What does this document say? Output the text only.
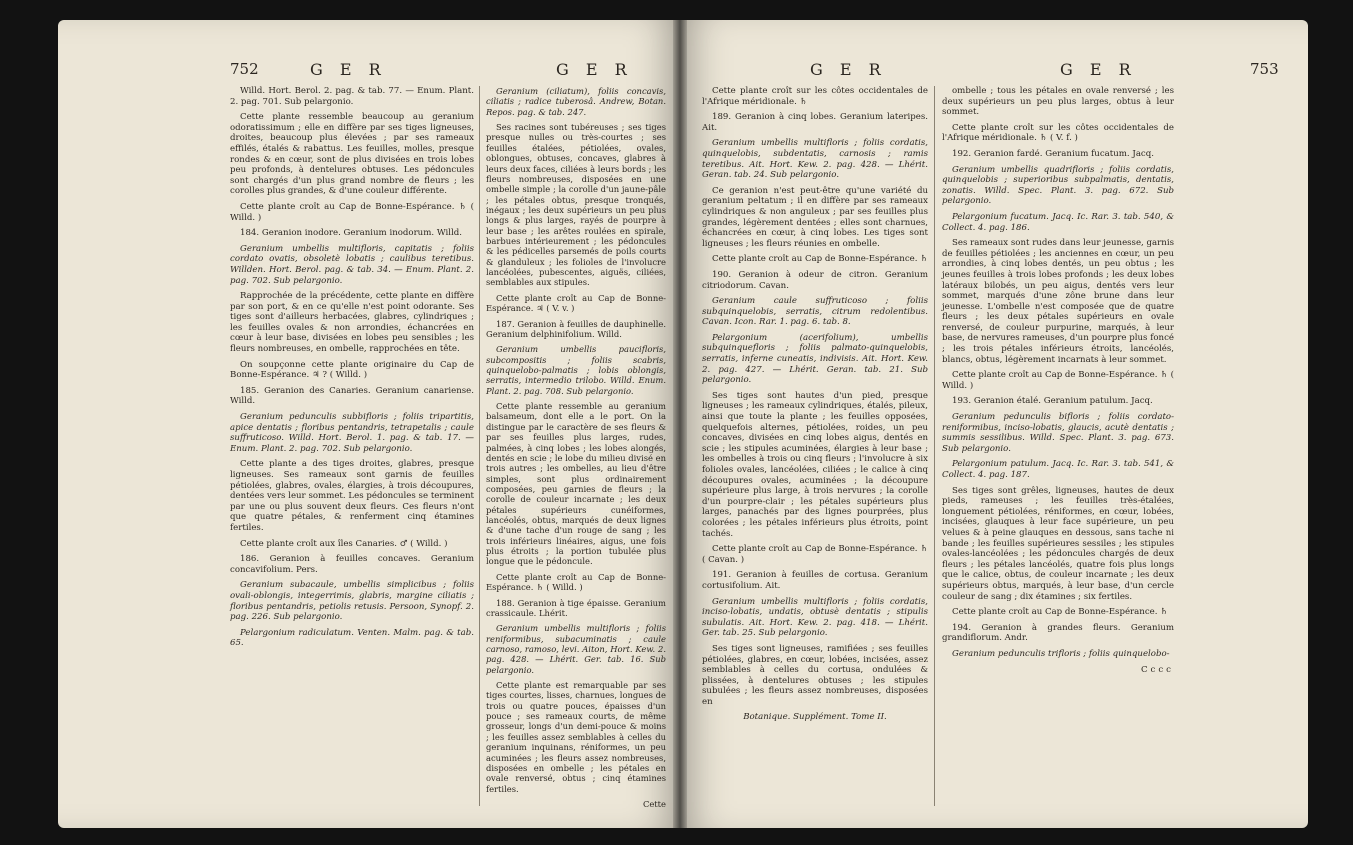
752	G E R	G E R

Willd. Hort. Berol. 2. pag. & tab. 77. — Enum. Plant. 2. pag. 701. Sub pelargonio.

Cette plante ressemble beaucoup au geranium odoratissimum ; elle en diffère par ses tiges ligneuses, droites, beaucoup plus élevées ; par ses rameaux effilés, étalés & rabattus. Les feuilles, molles, presque rondes & en cœur, sont de plus divisées en trois lobes peu profonds, à dentelures obtuses. Les pédoncules sont chargés d'un plus grand nombre de fleurs ; les corolles plus grandes, & d'une couleur différente.

Cette plante croît au Cap de Bonne-Espérance. ♄ ( Willd. )

184. Geranion inodore. Geranium inodorum. Willd.

Geranium umbellis multifloris, capitatis ; foliis cordato ovatis, obsoletè lobatis ; caulibus teretibus. Willden. Hort. Berol. pag. & tab. 34. — Enum. Plant. 2. pag. 702. Sub pelargonio.

Rapprochée de la précédente, cette plante en diffère par son port, & en ce qu'elle n'est point odorante. Ses tiges sont d'ailleurs herbacées, glabres, cylindriques ; les feuilles ovales & non arrondies, échancrées en cœur à leur base, divisées en lobes peu sensibles ; les fleurs nombreuses, en ombelle, rapprochées en tête.

On soupçonne cette plante originaire du Cap de Bonne-Espérance. ♃ ? ( Willd. )

185. Geranion des Canaries. Geranium canariense. Willd.

Geranium pedunculis subbifloris ; foliis tripartitis, apice dentatis ; floribus pentandris, tetrapetalis ; caule suffruticoso. Willd. Hort. Berol. 1. pag. & tab. 17. — Enum. Plant. 2. pag. 702. Sub pelargonio.

Cette plante a des tiges droites, glabres, presque ligneuses. Ses rameaux sont garnis de feuilles pétiolées, glabres, ovales, élargies, à trois découpures, dentées vers leur sommet. Les pédoncules se terminent par une ou plus souvent deux fleurs. Ces fleurs n'ont que quatre pétales, & renferment cinq étamines fertiles.

Cette plante croît aux îles Canaries. ♂ ( Willd. )

186. Geranion à feuilles concaves. Geranium concavifolium. Pers.

Geranium subacaule, umbellis simplicibus ; foliis ovali-oblongis, integerrimis, glabris, margine ciliatis ; floribus pentandris, petiolis retusis. Persoon, Synopf. 2. pag. 226. Sub pelargonio.

Pelargonium radiculatum. Venten. Malm. pag. & tab. 65.

Geranium (ciliatum), foliis concavis, ciliatis ; radice tuberosâ. Andrew, Botan. Repos. pag. & tab. 247.

Ses racines sont tubéreuses ; ses tiges presque nulles ou très-courtes ; ses feuilles étalées, pétiolées, ovales, oblongues, obtuses, concaves, glabres à leurs deux faces, ciliées à leurs bords ; les fleurs nombreuses, disposées en une ombelle simple ; la corolle d'un jaune-pâle ; les pétales obtus, presque tronqués, inégaux ; les deux supérieurs un peu plus longs & plus larges, rayés de pourpre à leur base ; les arêtes roulées en spirale, barbues intérieurement ; les pédoncules & les pédicelles parsemés de poils courts & glanduleux ; les folioles de l'involucre lancéolées, pubescentes, aiguës, ciliées, semblables aux stipules.

Cette plante croît au Cap de Bonne-Espérance. ♃ ( V. v. )

187. Geranion à feuilles de dauphinelle. Geranium delphinifolium. Willd.

Geranium umbellis paucifloris, subcompositis ; foliis scabris, quinquelobo-palmatis ; lobis oblongis, serratis, intermedio trilobo. Willd. Enum. Plant. 2. pag. 708. Sub pelargonio.

Cette plante ressemble au geranium balsameum, dont elle a le port. On la distingue par le caractère de ses fleurs & par ses feuilles plus larges, rudes, palmées, à cinq lobes ; les lobes alongés, dentés en scie ; le lobe du milieu divisé en trois autres ; les ombelles, au lieu d'être simples, sont plus ordinairement composées, peu garnies de fleurs ; la corolle de couleur incarnate ; les deux pétales supérieurs cunéiformes, lancéolés, obtus, marqués de deux lignes & d'une tache d'un rouge de sang ; les trois inférieurs linéaires, aigus, une fois plus étroits ; la portion tubulée plus longue que le pédoncule.

Cette plante croît au Cap de Bonne-Espérance. ♄ ( Willd. )

188. Geranion à tige épaisse. Geranium crassicaule. Lhérit.

Geranium umbellis multifloris ; foliis reniformibus, subacuminatis ; caule carnoso, ramoso, levi. Aiton, Hort. Kew. 2. pag. 428. — Lhérit. Ger. tab. 16. Sub pelargonio.

Cette plante est remarquable par ses tiges courtes, lisses, charnues, longues de trois ou quatre pouces, épaisses d'un pouce ; ses rameaux courts, de même grosseur, longs d'un demi-pouce & moins ; les feuilles assez semblables à celles du geranium inquinans, réniformes, un peu acuminées ; les fleurs assez nombreuses, disposées en ombelle ; les pétales en ovale renversé, obtus ; cinq étamines fertiles.

Cette

G E R	G E R	753

Cette plante croît sur les côtes occidentales de l'Afrique méridionale. ♄

189. Geranion à cinq lobes. Geranium lateripes. Ait.

Geranium umbellis multifloris ; foliis cordatis, quinquelobis, subdentatis, carnosis ; ramis teretibus. Ait. Hort. Kew. 2. pag. 428. — Lhérit. Geran. tab. 24. Sub pelargonio.

Ce geranion n'est peut-être qu'une variété du geranium peltatum ; il en diffère par ses rameaux cylindriques & non anguleux ; par ses feuilles plus grandes, légèrement dentées ; elles sont charnues, échancrées en cœur, à cinq lobes. Les tiges sont ligneuses ; les fleurs réunies en ombelle.

Cette plante croît au Cap de Bonne-Espérance. ♄

190. Geranion à odeur de citron. Geranium citriodorum. Cavan.

Geranium caule suffruticoso ; foliis subquinquelobis, serratis, citrum redolentibus. Cavan. Icon. Rar. 1. pag. 6. tab. 8.

Pelargonium (acerifolium), umbellis subquinquefloris ; foliis palmato-quinquelobis, serratis, inferne cuneatis, indivisis. Ait. Hort. Kew. 2. pag. 427. — Lhérit. Geran. tab. 21. Sub pelargonio.

Ses tiges sont hautes d'un pied, presque ligneuses ; les rameaux cylindriques, étalés, pileux, ainsi que toute la plante ; les feuilles opposées, quelquefois alternes, pétiolées, roides, un peu concaves, divisées en cinq lobes aigus, dentés en scie ; les stipules acuminées, élargies à leur base ; les ombelles à trois ou cinq fleurs ; l'involucre à six folioles ovales, lancéolées, ciliées ; le calice à cinq découpures ovales, acuminées ; la découpure supérieure plus large, à trois nervures ; la corolle d'un pourpre-clair ; les pétales supérieurs plus larges, panachés par des lignes pourprées, plus colorées ; les pétales inférieurs plus étroits, point tachés.

Cette plante croît au Cap de Bonne-Espérance. ♄ ( Cavan. )

191. Geranion à feuilles de cortusa. Geranium cortusifolium. Ait.

Geranium umbellis multifloris ; foliis cordatis, inciso-lobatis, undatis, obtusè dentatis ; stipulis subulatis. Ait. Hort. Kew. 2. pag. 418. — Lhérit. Ger. tab. 25. Sub pelargonio.

Ses tiges sont ligneuses, ramifiées ; ses feuilles pétiolées, glabres, en cœur, lobées, incisées, assez semblables à celles du cortusa, ondulées & plissées, à dentelures obtuses ; les stipules subulées ; les fleurs assez nombreuses, disposées en

Botanique. Supplément. Tome II.

ombelle ; tous les pétales en ovale renversé ; les deux supérieurs un peu plus larges, obtus à leur sommet.

Cette plante croît sur les côtes occidentales de l'Afrique méridionale. ♄ ( V. f. )

192. Geranion fardé. Geranium fucatum. Jacq.

Geranium umbellis quadrifloris ; foliis cordatis, quinquelobis ; superioribus subpalmatis, dentatis, zonatis. Willd. Spec. Plant. 3. pag. 672. Sub pelargonio.

Pelargonium fucatum. Jacq. Ic. Rar. 3. tab. 540, & Collect. 4. pag. 186.

Ses rameaux sont rudes dans leur jeunesse, garnis de feuilles pétiolées ; les anciennes en cœur, un peu arrondies, à cinq lobes dentés, un peu obtus ; les jeunes feuilles à trois lobes profonds ; les deux lobes latéraux bilobés, un peu aigus, dentés vers leur sommet, marqués d'une zône brune dans leur jeunesse. L'ombelle n'est composée que de quatre fleurs ; les deux pétales supérieurs en ovale renversé, de couleur purpurine, marqués, à leur base, de nervures rameuses, d'un pourpre plus foncé ; les trois pétales inférieurs étroits, lancéolés, blancs, obtus, légèrement incarnats à leur sommet.

Cette plante croît au Cap de Bonne-Espérance. ♄ ( Willd. )

193. Geranion étalé. Geranium patulum. Jacq.

Geranium pedunculis bifloris ; foliis cordato-reniformibus, inciso-lobatis, glaucis, acutè dentatis ; summis sessilibus. Willd. Spec. Plant. 3. pag. 673. Sub pelargonio.

Pelargonium patulum. Jacq. Ic. Rar. 3. tab. 541, & Collect. 4. pag. 187.

Ses tiges sont grêles, ligneuses, hautes de deux pieds, rameuses ; les feuilles très-étalées, longuement pétiolées, réniformes, en cœur, lobées, incisées, glauques à leur face supérieure, un peu velues & à peine glauques en dessous, sans tache ni bande ; les feuilles supérieures sessiles ; les stipules ovales-lancéolées ; les pédoncules chargés de deux fleurs ; les pétales lancéolés, quatre fois plus longs que le calice, obtus, de couleur incarnate ; les deux supérieurs obtus, marqués, à leur base, d'un cercle couleur de sang ; dix étamines ; six fertiles.

Cette plante croît au Cap de Bonne-Espérance. ♄

194. Geranion à grandes fleurs. Geranium grandiflorum. Andr.

Geranium pedunculis trifloris ; foliis quinquelobo-

Cccc
